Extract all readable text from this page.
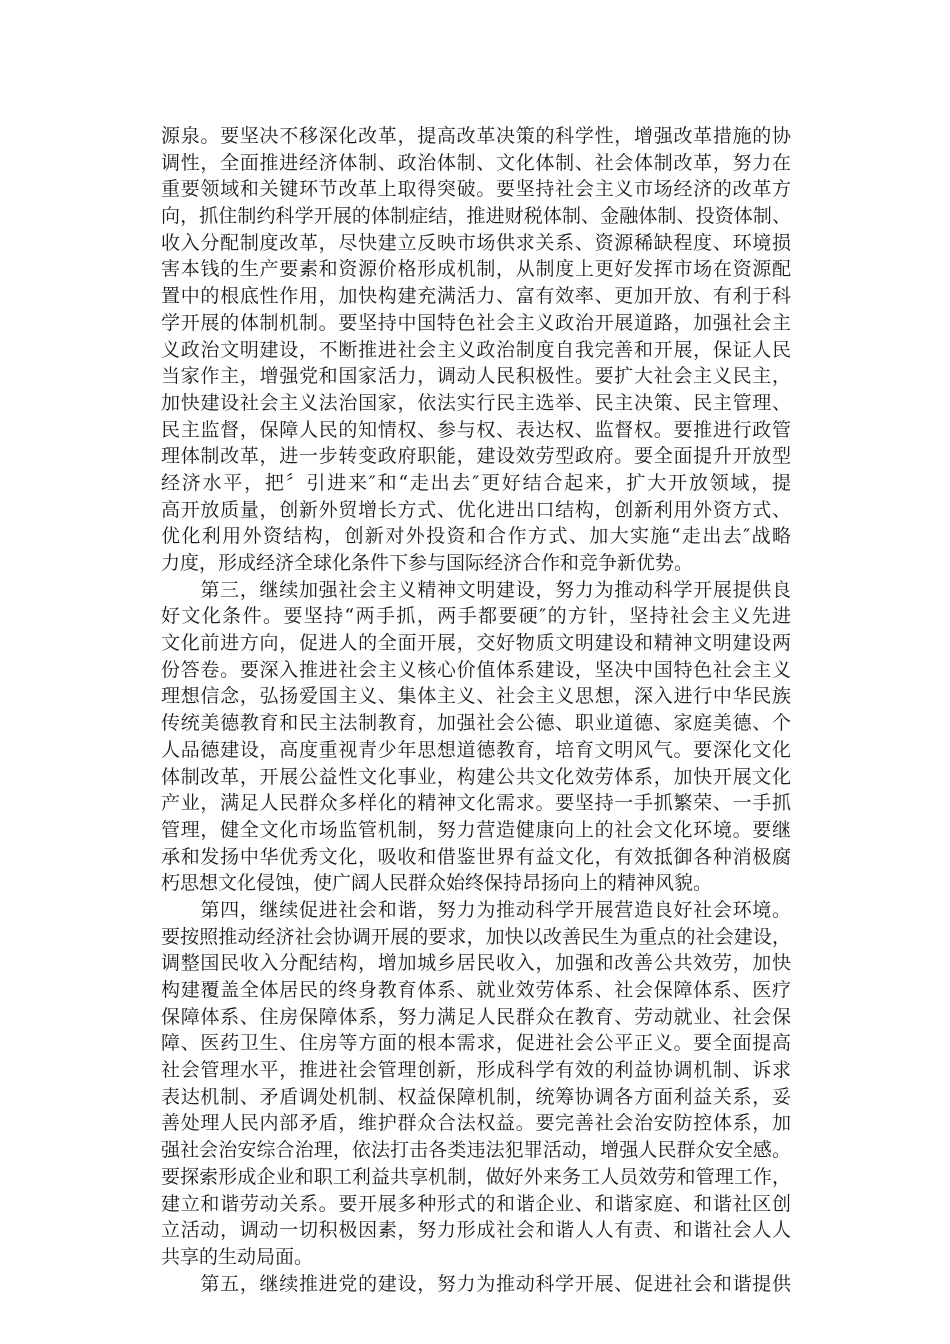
源泉。要坚决不移深化改革，提高改革决策的科学性，增强改革措施的协
调性，全面推进经济体制、政治体制、文化体制、社会体制改革，努力在
重要领域和关键环节改革上取得突破。要坚持社会主义市场经济的改革方
向，抓住制约科学开展的体制症结，推进财税体制、金融体制、投资体制、
收入分配制度改革，尽快建立反映市场供求关系、资源稀缺程度、环境损
害本钱的生产要素和资源价格形成机制，从制度上更好发挥市场在资源配
置中的根底性作用，加快构建充满活力、富有效率、更加开放、有利于科
学开展的体制机制。要坚持中国特色社会主义政治开展道路，加强社会主
义政治文明建设，不断推进社会主义政治制度自我完善和开展，保证人民
当家作主，增强党和国家活力，调动人民积极性。要扩大社会主义民主，
加快建设社会主义法治国家，依法实行民主选举、民主决策、民主管理、
民主监督，保障人民的知情权、参与权、表达权、监督权。要推进行政管
理体制改革，进一步转变政府职能，建设效劳型政府。要全面提升开放型
经济水平，把〞引进来″和“走出去″更好结合起来，扩大开放领域，提
高开放质量，创新外贸增长方式、优化进出口结构，创新利用外资方式、
优化利用外资结构，创新对外投资和合作方式、加大实施“走出去″战略
力度，形成经济全球化条件下参与国际经济合作和竞争新优势。
　　第三，继续加强社会主义精神文明建设，努力为推动科学开展提供良
好文化条件。要坚持“两手抓，两手都要硬″的方针，坚持社会主义先进
文化前进方向，促进人的全面开展，交好物质文明建设和精神文明建设两
份答卷。要深入推进社会主义核心价值体系建设，坚决中国特色社会主义
理想信念，弘扬爱国主义、集体主义、社会主义思想，深入进行中华民族
传统美德教育和民主法制教育，加强社会公德、职业道德、家庭美德、个
人品德建设，高度重视青少年思想道德教育，培育文明风气。要深化文化
体制改革，开展公益性文化事业，构建公共文化效劳体系，加快开展文化
产业，满足人民群众多样化的精神文化需求。要坚持一手抓繁荣、一手抓
管理，健全文化市场监管机制，努力营造健康向上的社会文化环境。要继
承和发扬中华优秀文化，吸收和借鉴世界有益文化，有效抵御各种消极腐
朽思想文化侵蚀，使广阔人民群众始终保持昂扬向上的精神风貌。
　　第四，继续促进社会和谐，努力为推动科学开展营造良好社会环境。
要按照推动经济社会协调开展的要求，加快以改善民生为重点的社会建设，
调整国民收入分配结构，增加城乡居民收入，加强和改善公共效劳，加快
构建覆盖全体居民的终身教育体系、就业效劳体系、社会保障体系、医疗
保障体系、住房保障体系，努力满足人民群众在教育、劳动就业、社会保
障、医药卫生、住房等方面的根本需求，促进社会公平正义。要全面提高
社会管理水平，推进社会管理创新，形成科学有效的利益协调机制、诉求
表达机制、矛盾调处机制、权益保障机制，统筹协调各方面利益关系，妥
善处理人民内部矛盾，维护群众合法权益。要完善社会治安防控体系，加
强社会治安综合治理，依法打击各类违法犯罪活动，增强人民群众安全感。
要探索形成企业和职工利益共享机制，做好外来务工人员效劳和管理工作，
建立和谐劳动关系。要开展多种形式的和谐企业、和谐家庭、和谐社区创
立活动，调动一切积极因素，努力形成社会和谐人人有责、和谐社会人人
共享的生动局面。
　　第五，继续推进党的建设，努力为推动科学开展、促进社会和谐提供
